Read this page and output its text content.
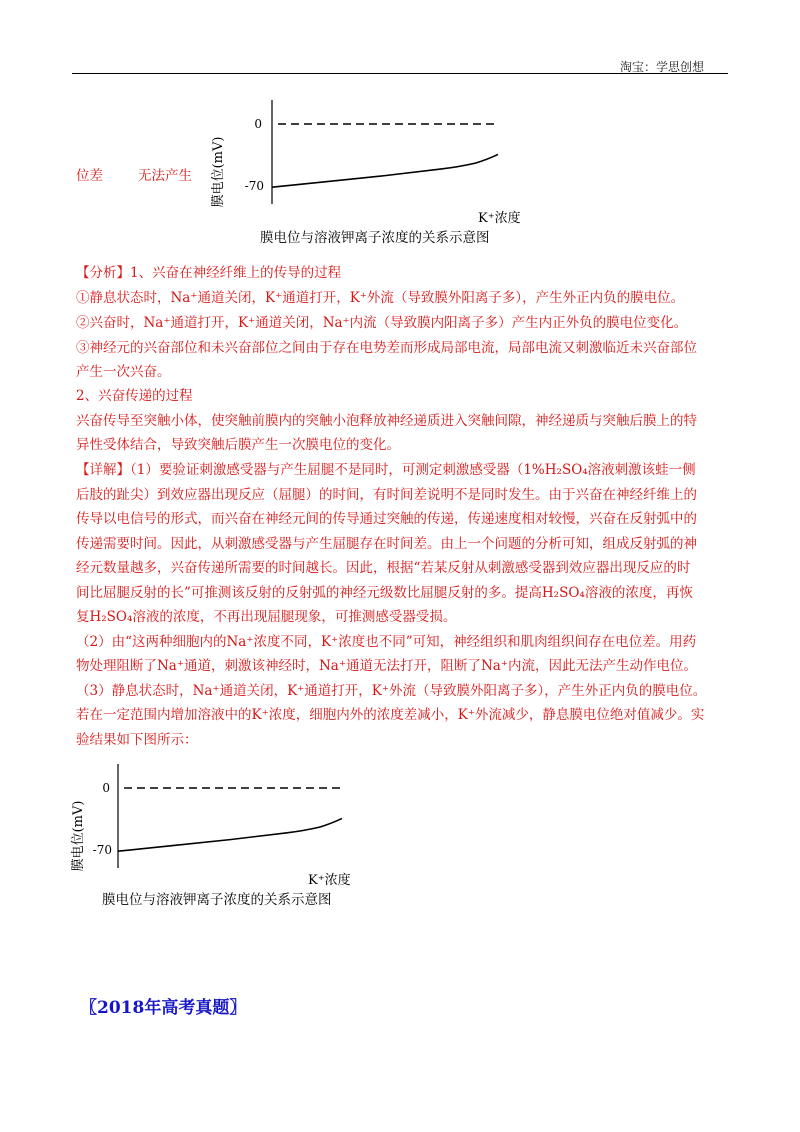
淘宝：学思创想
位差	无法产生 膜电位(mV)
0
-70
K⁺浓度
膜电位与溶液钾离子浓度的关系示意图
【分析】1、兴奋在神经纤维上的传导的过程
①静息状态时，Na⁺通道关闭，K⁺通道打开，K⁺外流（导致膜外阳离子多），产生外正内负的膜电位。
②兴奋时，Na⁺通道打开，K⁺通道关闭，Na⁺内流（导致膜内阳离子多）产生内正外负的膜电位变化。
③神经元的兴奋部位和未兴奋部位之间由于存在电势差而形成局部电流，局部电流又刺激临近未兴奋部位
产生一次兴奋。
2、兴奋传递的过程
兴奋传导至突触小体，使突触前膜内的突触小泡释放神经递质进入突触间隙，神经递质与突触后膜上的特
异性受体结合，导致突触后膜产生一次膜电位的变化。
【详解】（1）要验证刺激感受器与产生屈腿不是同时，可测定刺激感受器（1%H₂SO₄溶液刺激该蛙一侧
后肢的趾尖）到效应器出现反应（屈腿）的时间，有时间差说明不是同时发生。由于兴奋在神经纤维上的
传导以电信号的形式，而兴奋在神经元间的传导通过突触的传递，传递速度相对较慢，兴奋在反射弧中的
传递需要时间。因此，从刺激感受器与产生屈腿存在时间差。由上一个问题的分析可知，组成反射弧的神
经元数量越多，兴奋传递所需要的时间越长。因此，根据“若某反射从刺激感受器到效应器出现反应的时
间比屈腿反射的长”可推测该反射的反射弧的神经元级数比屈腿反射的多。提高H₂SO₄溶液的浓度，再恢
复H₂SO₄溶液的浓度，不再出现屈腿现象，可推测感受器受损。
（2）由“这两种细胞内的Na⁺浓度不同，K⁺浓度也不同”可知，神经组织和肌肉组织间存在电位差。用药
物处理阻断了Na⁺通道，刺激该神经时，Na⁺通道无法打开，阻断了Na⁺内流，因此无法产生动作电位。
（3）静息状态时，Na⁺通道关闭，K⁺通道打开，K⁺外流（导致膜外阳离子多），产生外正内负的膜电位。
若在一定范围内增加溶液中的K⁺浓度，细胞内外的浓度差减小，K⁺外流减少，静息膜电位绝对值减少。实
验结果如下图所示：
膜电位(mV)
0
-70
K⁺浓度
膜电位与溶液钾离子浓度的关系示意图
〖2018年高考真题〗
